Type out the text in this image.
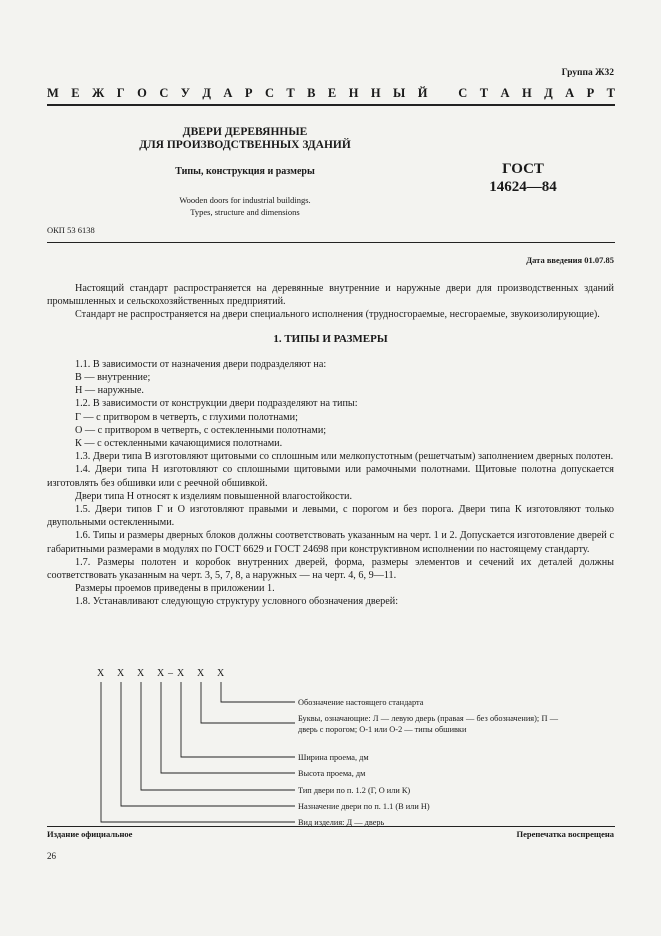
Группа Ж32
М Е Ж Г О С У Д А Р С Т В Е Н Н Ы Й С Т А Н Д А Р Т
ДВЕРИ ДЕРЕВЯННЫЕ
ДЛЯ ПРОИЗВОДСТВЕННЫХ ЗДАНИЙ
Типы, конструкция и размеры
Wooden doors for industrial buildings.
Types, structure and dimensions
ГОСТ
14624—84
ОКП 53 6138
Дата введения 01.07.85

Настоящий стандарт распространяется на деревянные внутренние и наружные двери для производственных зданий промышленных и сельскохозяйственных предприятий.

Стандарт не распространяется на двери специального исполнения (трудносгораемые, несгораемые, звукоизолирующие).

1. ТИПЫ И РАЗМЕРЫ

1.1. В зависимости от назначения двери подразделяют на:

В — внутренние;

Н — наружные.

1.2. В зависимости от конструкции двери подразделяют на типы:

Г — с притвором в четверть, с глухими полотнами;

О — с притвором в четверть, с остекленными полотнами;

К — с остекленными качающимися полотнами.

1.3. Двери типа В изготовляют щитовыми со сплошным или мелкопустотным (решетчатым) заполнением дверных полотен.

1.4. Двери типа Н изготовляют со сплошными щитовыми или рамочными полотнами. Щитовые полотна допускается изготовлять без обшивки или с реечной обшивкой.

Двери типа Н относят к изделиям повышенной влагостойкости.

1.5. Двери типов Г и О изготовляют правыми и левыми, с порогом и без порога. Двери типа К изготовляют только двупольными остекленными.

1.6. Типы и размеры дверных блоков должны соответствовать указанным на черт. 1 и 2. Допускается изготовление дверей с габаритными размерами в модулях по ГОСТ 6629 и ГОСТ 24698 при конструктивном исполнении по настоящему стандарту.

1.7. Размеры полотен и коробок внутренних дверей, форма, размеры элементов и сечений их деталей должны соответствовать указанным на черт. 3, 5, 7, 8, а наружных — на черт. 4, 6, 9—11.

Размеры проемов приведены в приложении 1.

1.8. Устанавливают следующую структуру условного обозначения дверей:

X X X X – X X X
Обозначение настоящего стандарта
Буквы, означающие: Л — левую дверь (правая — без обозначения); П — дверь с порогом; О-1 или О-2 — типы обшивки
Ширина проема, дм
Высота проема, дм
Тип двери по п. 1.2 (Г, О или К)
Назначение двери по п. 1.1 (В или Н)
Вид изделия: Д — дверь
Издание официальное	Перепечатка воспрещена
26
